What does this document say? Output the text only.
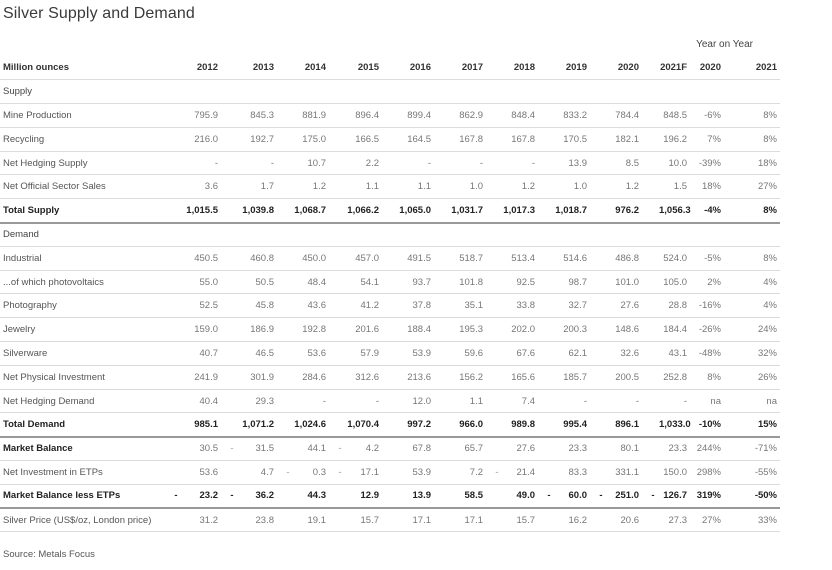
Silver Supply and Demand
Year on Year
Million ounces		2012		2013		2014		2015		2016		2017		2018		2019		2020		2021F	2020	2021
Supply																						
Mine Production		795.9		845.3		881.9		896.4		899.4		862.9		848.4		833.2		784.4		848.5	-6%	8%
Recycling		216.0		192.7		175.0		166.5		164.5		167.8		167.8		170.5		182.1		196.2	7%	8%
Net Hedging Supply		-		-		10.7		2.2		-		-		-		13.9		8.5		10.0	-39%	18%
Net Official Sector Sales		3.6		1.7		1.2		1.1		1.1		1.0		1.2		1.0		1.2		1.5	18%	27%
Total Supply		1,015.5		1,039.8		1,068.7		1,066.2		1,065.0		1,031.7		1,017.3		1,018.7		976.2		1,056.3	-4%	8%
Demand																						
Industrial		450.5		460.8		450.0		457.0		491.5		518.7		513.4		514.6		486.8		524.0	-5%	8%
...of which photovoltaics		55.0		50.5		48.4		54.1		93.7		101.8		92.5		98.7		101.0		105.0	2%	4%
Photography		52.5		45.8		43.6		41.2		37.8		35.1		33.8		32.7		27.6		28.8	-16%	4%
Jewelry		159.0		186.9		192.8		201.6		188.4		195.3		202.0		200.3		148.6		184.4	-26%	24%
Silverware		40.7		46.5		53.6		57.9		53.9		59.6		67.6		62.1		32.6		43.1	-48%	32%
Net Physical Investment		241.9		301.9		284.6		312.6		213.6		156.2		165.6		185.7		200.5		252.8	8%	26%
Net Hedging Demand		40.4		29.3		-		-		12.0		1.1		7.4		-		-		-	na	na
Total Demand		985.1		1,071.2		1,024.6		1,070.4		997.2		966.0		989.8		995.4		896.1		1,033.0	-10%	15%
Market Balance		30.5	-	31.5		44.1	-	4.2		67.8		65.7		27.6		23.3		80.1		23.3	244%	-71%
Net Investment in ETPs		53.6		4.7	-	0.3	-	17.1		53.9		7.2	-	21.4		83.3		331.1		150.0	298%	-55%
Market Balance less ETPs	-	23.2	-	36.2		44.3		12.9		13.9		58.5		49.0	-	60.0	-	251.0	-	126.7	319%	-50%
Silver Price (US$/oz, London price)		31.2		23.8		19.1		15.7		17.1		17.1		15.7		16.2		20.6		27.3	27%	33%
Source: Metals Focus
